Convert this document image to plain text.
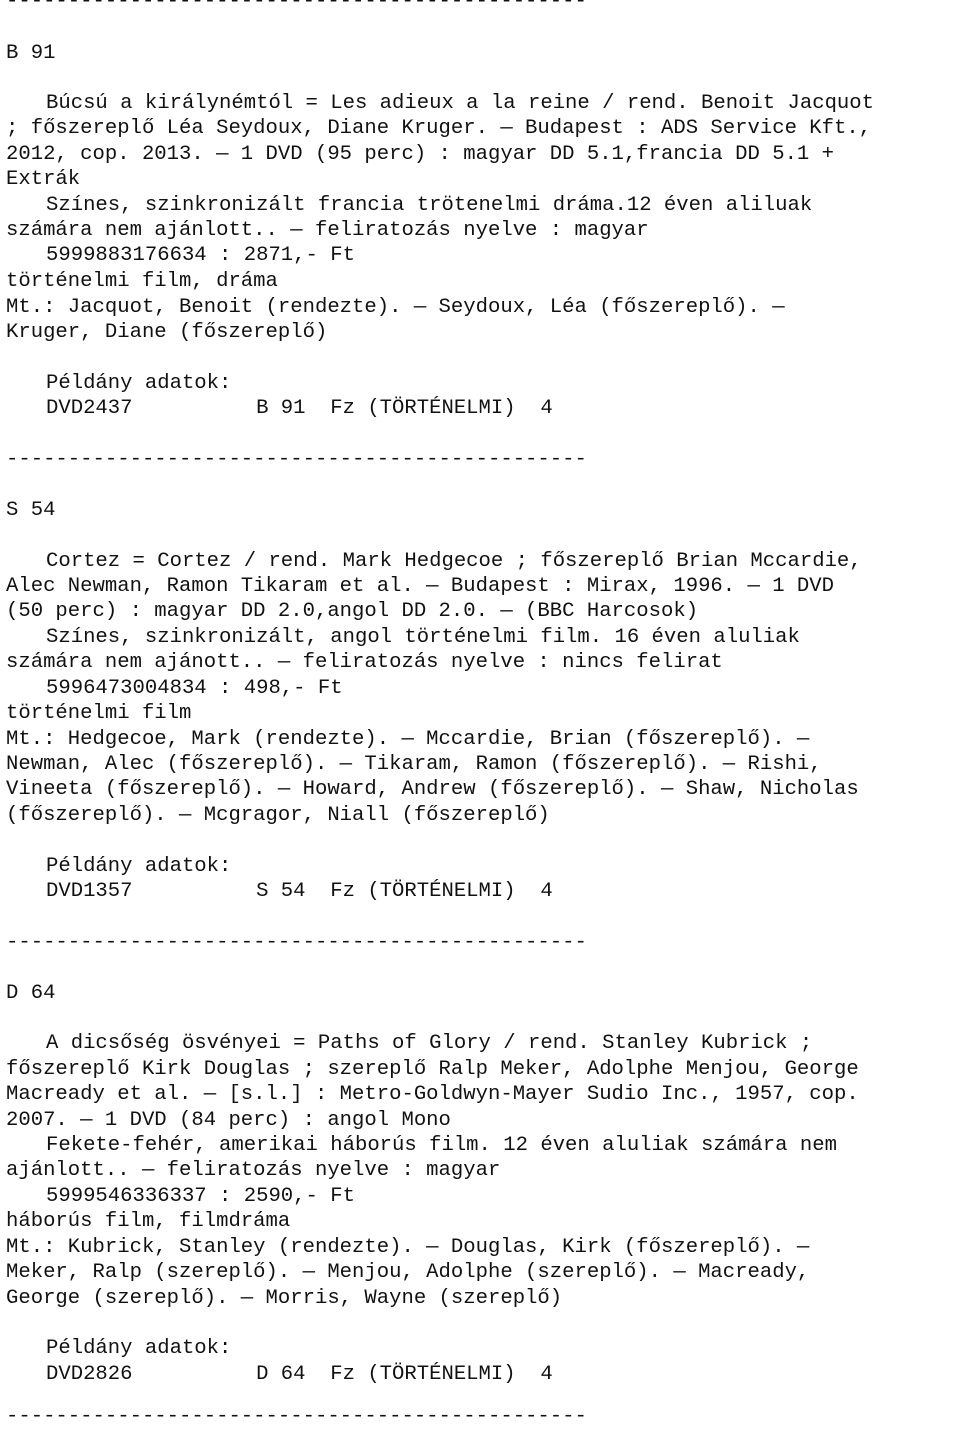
-----------------------------------------------
B 91
Búcsú a királynémtól = Les adieux a la reine / rend. Benoit Jacquot
; főszereplő Léa Seydoux, Diane Kruger. — Budapest : ADS Service Kft.,
2012, cop. 2013. — 1 DVD (95 perc) : magyar DD 5.1,francia DD 5.1 +
Extrák
Színes, szinkronizált francia trötenelmi dráma.12 éven aliluak
számára nem ajánlott.. — feliratozás nyelve : magyar
5999883176634 : 2871,- Ft
történelmi film, dráma
Mt.: Jacquot, Benoit (rendezte). — Seydoux, Léa (főszereplő). —
Kruger, Diane (főszereplő)
Példány adatok:
DVD2437          B 91  Fz (TÖRTÉNELMI)  4
-----------------------------------------------
S 54
Cortez = Cortez / rend. Mark Hedgecoe ; főszereplő Brian Mccardie,
Alec Newman, Ramon Tikaram et al. — Budapest : Mirax, 1996. — 1 DVD
(50 perc) : magyar DD 2.0,angol DD 2.0. — (BBC Harcosok)
Színes, szinkronizált, angol történelmi film. 16 éven aluliak
számára nem ajánott.. — feliratozás nyelve : nincs felirat
5996473004834 : 498,- Ft
történelmi film
Mt.: Hedgecoe, Mark (rendezte). — Mccardie, Brian (főszereplő). —
Newman, Alec (főszereplő). — Tikaram, Ramon (főszereplő). — Rishi,
Vineeta (főszereplő). — Howard, Andrew (főszereplő). — Shaw, Nicholas
(főszereplő). — Mcgragor, Niall (főszereplő)
Példány adatok:
DVD1357          S 54  Fz (TÖRTÉNELMI)  4
-----------------------------------------------
D 64
A dicsőség ösvényei = Paths of Glory / rend. Stanley Kubrick ;
főszereplő Kirk Douglas ; szereplő Ralp Meker, Adolphe Menjou, George
Macready et al. — [s.l.] : Metro-Goldwyn-Mayer Sudio Inc., 1957, cop.
2007. — 1 DVD (84 perc) : angol Mono
Fekete-fehér, amerikai háborús film. 12 éven aluliak számára nem
ajánlott.. — feliratozás nyelve : magyar
5999546336337 : 2590,- Ft
háborús film, filmdráma
Mt.: Kubrick, Stanley (rendezte). — Douglas, Kirk (főszereplő). —
Meker, Ralp (szereplő). — Menjou, Adolphe (szereplő). — Macready,
George (szereplő). — Morris, Wayne (szereplő)
Példány adatok:
DVD2826          D 64  Fz (TÖRTÉNELMI)  4
-----------------------------------------------
